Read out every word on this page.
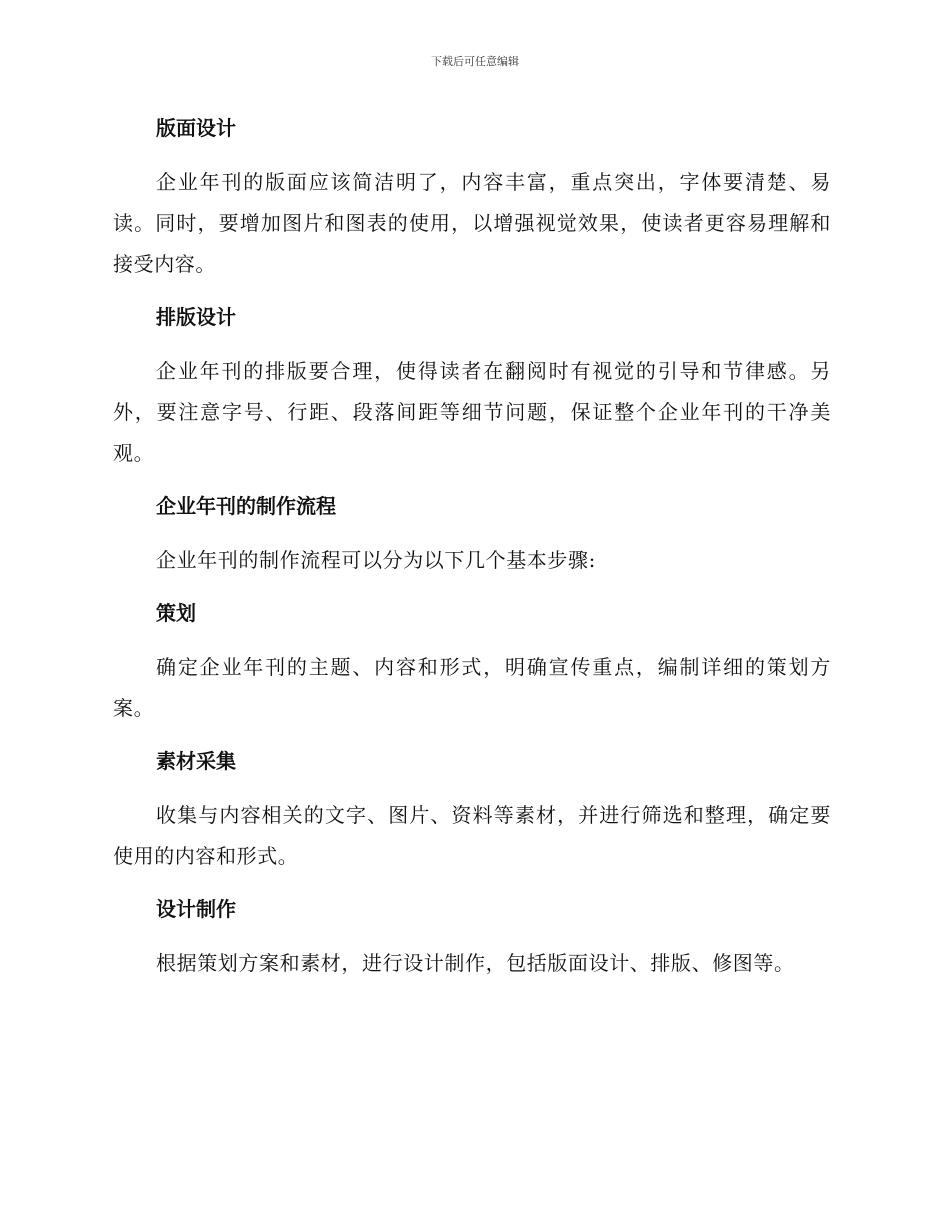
下载后可任意编辑
版面设计

企业年刊的版面应该简洁明了，内容丰富，重点突出，字体要清楚、易读。同时，要增加图片和图表的使用，以增强视觉效果，使读者更容易理解和接受内容。

排版设计

企业年刊的排版要合理，使得读者在翻阅时有视觉的引导和节律感。另外，要注意字号、行距、段落间距等细节问题，保证整个企业年刊的干净美观。

企业年刊的制作流程

企业年刊的制作流程可以分为以下几个基本步骤:

策划

确定企业年刊的主题、内容和形式，明确宣传重点，编制详细的策划方案。

素材采集

收集与内容相关的文字、图片、资料等素材，并进行筛选和整理，确定要使用的内容和形式。

设计制作

根据策划方案和素材，进行设计制作，包括版面设计、排版、修图等。
